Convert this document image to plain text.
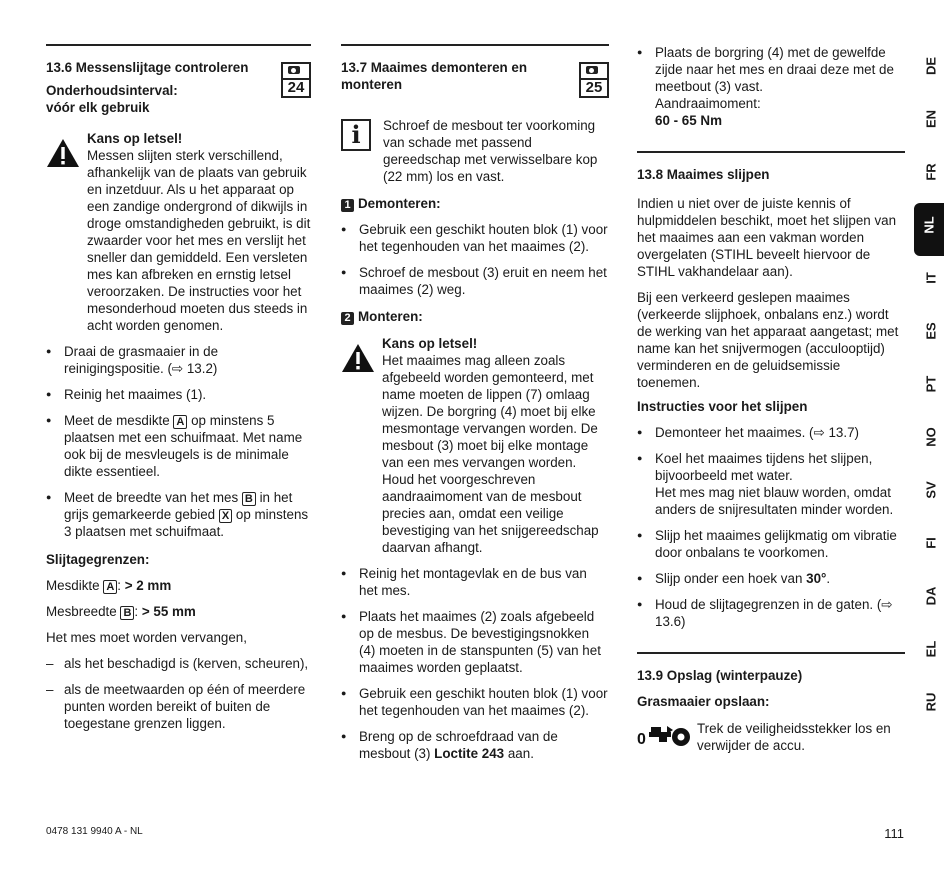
13.6 Messenslijtage controleren
24
Onderhoudsinterval:
vóór elk gebruik
Kans op letsel!
Messen slijten sterk verschillend, afhankelijk van de plaats van gebruik en inzetduur. Als u het apparaat op een zandige ondergrond of dikwijls in droge omstandigheden gebruikt, is dit zwaarder voor het mes en verslijt het sneller dan gemiddeld. Een versleten mes kan afbreken en ernstig letsel veroorzaken. De instructies voor het mesonderhoud moeten dus steeds in acht worden genomen.
● Draai de grasmaaier in de reinigingspositie. (⇨ 13.2)
● Reinig het maaimes (1).
● Meet de mesdikte A op minstens 5 plaatsen met een schuifmaat. Met name ook bij de mesvleugels is de minimale dikte essentieel.
● Meet de breedte van het mes B in het grijs gemarkeerde gebied X op minstens 3 plaatsen met schuifmaat.
Slijtagegrenzen:

Mesdikte A : > 2 mm

Mesbreedte B : > 55 mm

Het mes moet worden vervangen,

– als het beschadigd is (kerven, scheuren),
– als de meetwaarden op één of meerdere punten worden bereikt of buiten de toegestane grenzen liggen.
13.7 Maaimes demonteren en monteren	25
i	Schroef de mesbout ter voorkoming van schade met passend gereedschap met verwisselbare kop (22 mm) los en vast.
1 Demonteren:
● Gebruik een geschikt houten blok (1) voor het tegenhouden van het maaimes (2).
● Schroef de mesbout (3) eruit en neem het maaimes (2) weg.
2 Monteren:
Kans op letsel!
Het maaimes mag alleen zoals afgebeeld worden gemonteerd, met name moeten de lippen (7) omlaag wijzen. De borgring (4) moet bij elke mesmontage vervangen worden. De mesbout (3) moet bij elke montage van een mes vervangen worden. Houd het voorgeschreven aandraaimoment van de mesbout precies aan, omdat een veilige bevestiging van het snijgereedschap daarvan afhangt.
● Reinig het montagevlak en de bus van het mes.
● Plaats het maaimes (2) zoals afgebeeld op de mesbus. De bevestigingsnokken (4) moeten in de stanspunten (5) van het maaimes worden geplaatst.
● Gebruik een geschikt houten blok (1) voor het tegenhouden van het maaimes (2).
● Breng op de schroefdraad van de mesbout (3) Loctite 243 aan.
● Plaats de borgring (4) met de gewelfde zijde naar het mes en draai deze met de meetbout (3) vast.
Aandraaimoment:
60 - 65 Nm
13.8 Maaimes slijpen

Indien u niet over de juiste kennis of hulpmiddelen beschikt, moet het slijpen van het maaimes aan een vakman worden overgelaten (STIHL beveelt hiervoor de STIHL vakhandelaar aan).

Bij een verkeerd geslepen maaimes (verkeerde slijphoek, onbalans enz.) wordt de werking van het apparaat aangetast; met name kan het snijvermogen (acculooptijd) verminderen en de geluidsemissie toenemen.

Instructies voor het slijpen
● Demonteer het maaimes. (⇨ 13.7)
● Koel het maaimes tijdens het slijpen, bijvoorbeeld met water.
Het mes mag niet blauw worden, omdat anders de snijresultaten minder worden.
● Slijp het maaimes gelijkmatig om vibratie door onbalans te voorkomen.
● Slijp onder een hoek van 30°.
● Houd de slijtagegrenzen in de gaten. (⇨ 13.6)
13.9 Opslag (winterpauze)
Grasmaaier opslaan:
0
Trek de veiligheidsstekker los en verwijder de accu.
DE
EN
FR
NL
IT
ES
PT
NO
SV
FI
DA
EL
RU
0478 131 9940 A - NL	111
